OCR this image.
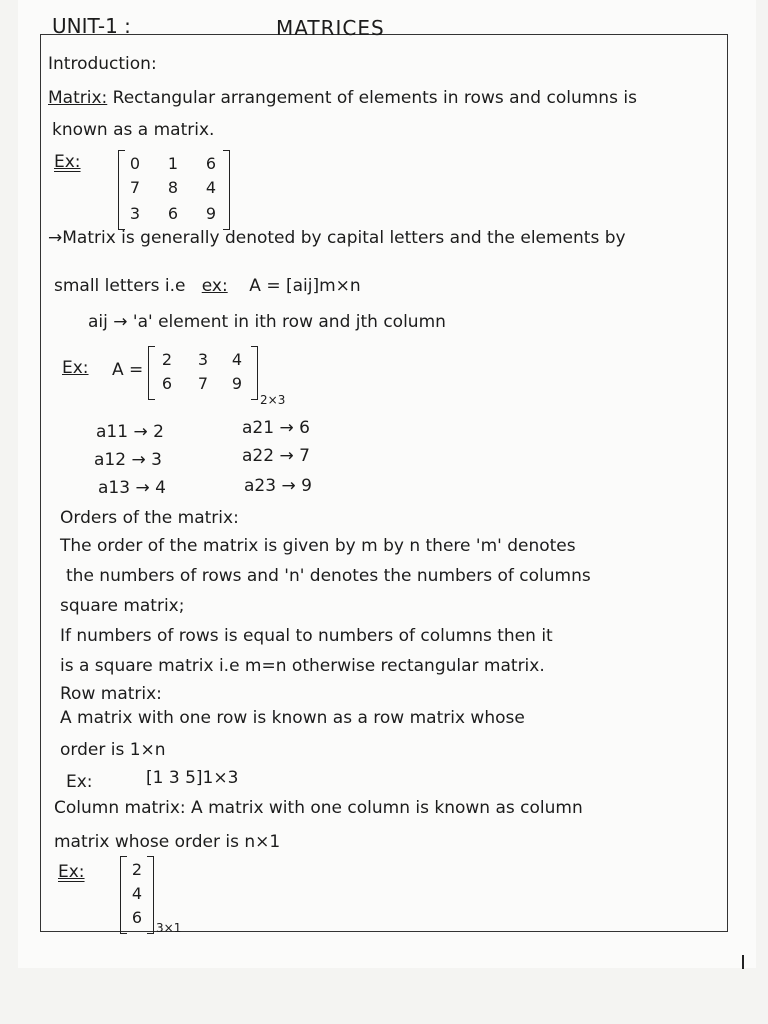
UNIT-1 :	MATRICES
Introduction:
Matrix: Rectangular arrangement of elements in rows and columns is
known as a matrix.
Ex:	0	1	6
7	8	4
3	6	9
→Matrix is generally denoted by capital letters and the elements by
small letters i.e ex: A = [aij]m×n
aij → 'a' element in ith row and jth column
Ex: A =
2	3	4
6	7	9
2×3
a11 → 2	a21 → 6
a12 → 3	a22 → 7
a13 → 4	a23 → 9
Orders of the matrix:
The order of the matrix is given by m by n there 'm' denotes
the numbers of rows and 'n' denotes the numbers of columns
square matrix;
If numbers of rows is equal to numbers of columns then it
is a square matrix i.e m=n otherwise rectangular matrix.
Row matrix:
A matrix with one row is known as a row matrix whose
order is 1×n
Ex:	[1 3 5]1×3
Column matrix: A matrix with one column is known as column
matrix whose order is n×1
Ex:	2
4
6
3×1
